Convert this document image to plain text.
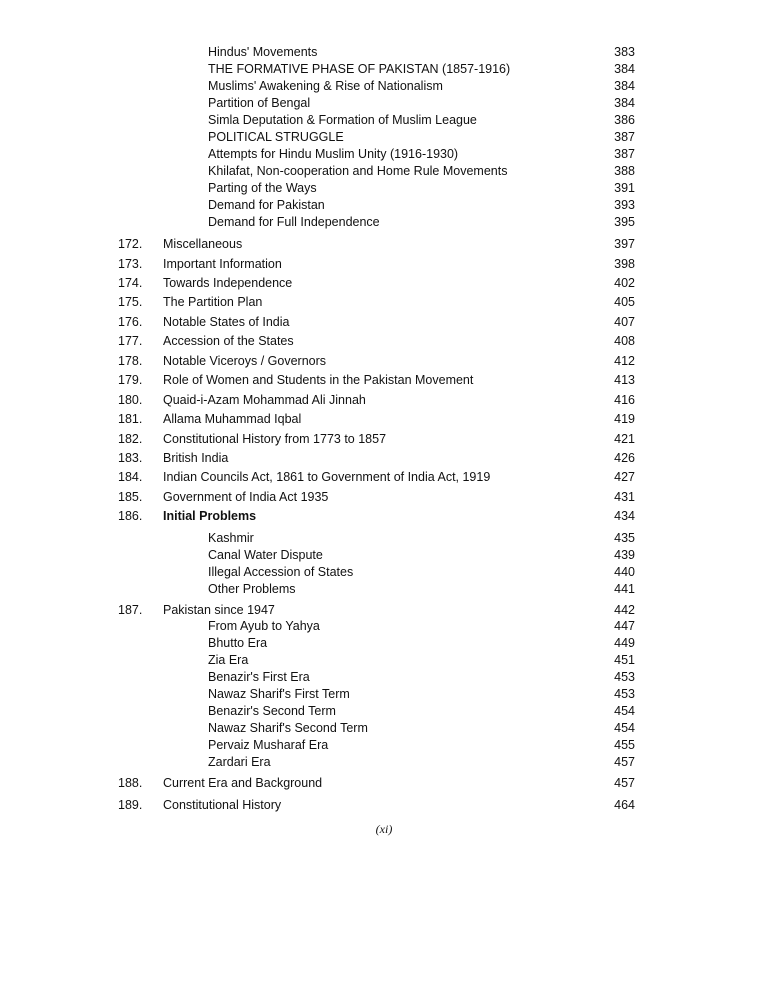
Hindus' Movements	383
THE FORMATIVE PHASE OF PAKISTAN (1857-1916)	384
Muslims' Awakening & Rise of Nationalism	384
Partition of Bengal	384
Simla Deputation & Formation of Muslim League	386
POLITICAL STRUGGLE	387
Attempts for Hindu Muslim Unity (1916-1930)	387
Khilafat, Non-cooperation and Home Rule Movements	388
Parting of the Ways	391
Demand for Pakistan	393
Demand for Full Independence	395
172. Miscellaneous	397
173. Important Information	398
174. Towards Independence	402
175. The Partition Plan	405
176. Notable States of India	407
177. Accession of the States	408
178. Notable Viceroys / Governors	412
179. Role of Women and Students in the Pakistan Movement	413
180. Quaid-i-Azam Mohammad Ali Jinnah	416
181. Allama Muhammad Iqbal	419
182. Constitutional History from 1773 to 1857	421
183. British India	426
184. Indian Councils Act, 1861 to Government of India Act, 1919	427
185. Government of India Act 1935	431
186. Initial Problems	434
Kashmir	435
Canal Water Dispute	439
Illegal Accession of States	440
Other Problems	441
187. Pakistan since 1947	442
From Ayub to Yahya	447
Bhutto Era	449
Zia Era	451
Benazir's First Era	453
Nawaz Sharif's First Term	453
Benazir's Second Term	454
Nawaz Sharif's Second Term	454
Pervaiz Musharaf Era	455
Zardari Era	457
188. Current Era and Background	457
189. Constitutional History	464
(xi)
